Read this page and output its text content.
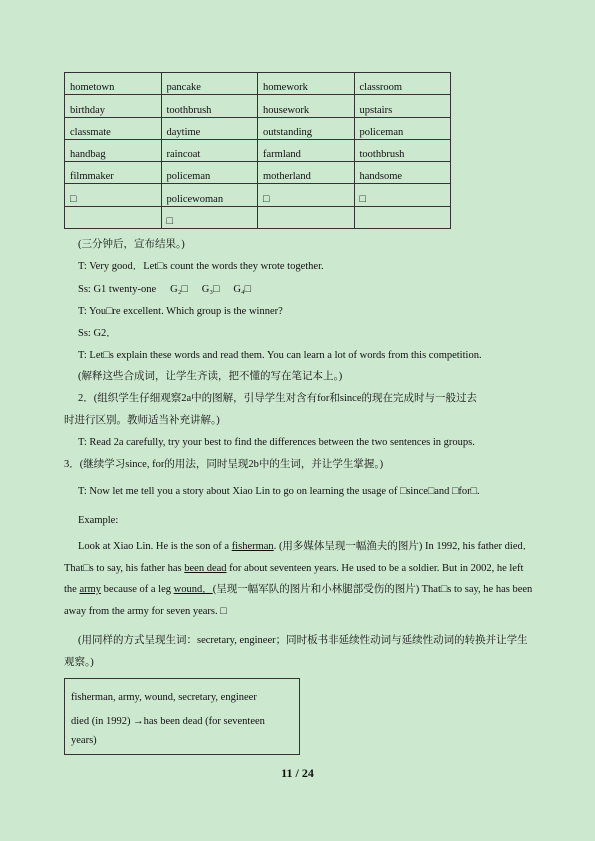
hometown	pancake	homework	classroom
birthday	toothbrush	housework	upstairs
classmate	daytime	outstanding	policeman
handbag	raincoat	farmland	toothbrush
filmmaker	policeman	motherland	handsome
□	policewoman	□	□
	□		
(三分钟后，宣布结果。)
T: Very good．Let□s count the words they wrote together.
Ss: G1 twenty-one G₂□ G₃□ G₄□
T: You□re excellent. Which group is the winner?
Ss: G2．
T: Let□s explain these words and read them. You can learn a lot of words from this competition.
(解释这些合成词，让学生齐读，把不懂的写在笔记本上。)
2．(组织学生仔细观察2a中的图解，引导学生对含有for和since的现在完成时与一般过去
时进行区别。教师适当补充讲解。)
T: Read 2a carefully, try your best to find the differences between the two sentences in groups.
3．(继续学习since, for的用法，同时呈现2b中的生词，并让学生掌握。)
T: Now let me tell you a story about Xiao Lin to go on learning the usage of □since□and □for□.
Example:
Look at Xiao Lin. He is the son of a fisherman. (用多媒体呈现一幅渔夫的图片) In 1992, his father died．That□s to say, his father has been dead for about seventeen years. He used to be a soldier. But in 2002, he left the army because of a leg wound．(呈现一幅军队的图片和小林腿部受伤的图片) That□s to say, he has been away from the army for seven years. □
(用同样的方式呈现生词：secretary, engineer；同时板书非延续性动词与延续性动词的转换并让学生观察。)
fisherman, army, wound, secretary, engineer
died (in 1992) →has been dead (for seventeen
years)
11 / 24
